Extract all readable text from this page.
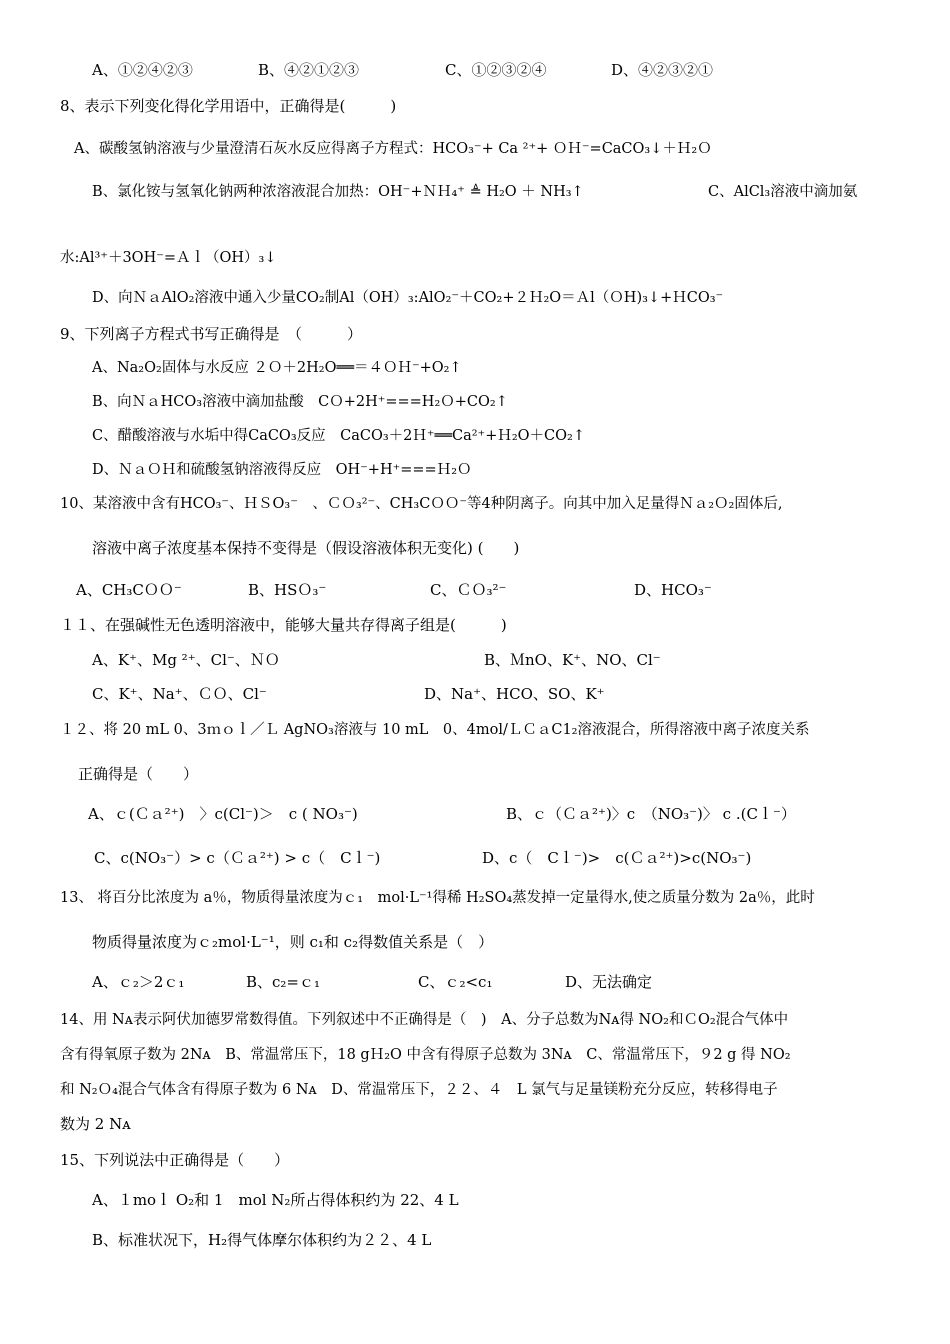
A、①②④②③	B、④②①②③	C、①②③②④	D、④②③②①
8、表示下列变化得化学用语中，正确得是(　　　)
A、碳酸氢钠溶液与少量澄清石灰水反应得离子方程式：HCO₃⁻+ Ca ²⁺+ ＯＨ⁻=CaCO₃↓＋Ｈ₂Ｏ
B、氯化铵与氢氧化钠两种浓溶液混合加热：OH⁻+ＮＨ₄⁺ ≜ H₂O ＋ NH₃↑	C、AlCl₃溶液中滴加氨
水:Al³⁺＋3OH⁻=Ａｌ（OH）₃↓
D、向ＮａAlO₂溶液中通入少量CO₂制Al（OH）₃:AlO₂⁻＋CO₂+２Ｈ₂O＝Ａl（ＯH)₃↓+ＨCO₃⁻
9、下列离子方程式书写正确得是　（　　　）
A、Na₂O₂固体与水反应 ２Ｏ＋2H₂O══＝４ＯＨ⁻+O₂↑
B、向ＮａHCO₃溶液中滴加盐酸　CＯ+2H⁺===H₂Ｏ+CO₂↑
C、醋酸溶液与水垢中得CaCO₃反应　CaCO₃＋2Ｈ⁺══Ca²⁺+Ｈ₂O＋CO₂↑
D、ＮａＯＨ和硫酸氢钠溶液得反应　OH⁻+H⁺===Ｈ₂Ｏ
10、某溶液中含有HCO₃⁻、ＨＳO₃⁻　、ＣＯ₃²⁻、CH₃CＯＯ⁻等4种阴离子。向其中加入足量得Ｎａ₂Ｏ₂固体后,
溶液中离子浓度基本保持不变得是（假设溶液体积无变化) (　　)
A、CH₃CＯＯ⁻	B、HSＯ₃⁻	C、ＣＯ₃²⁻	D、HCO₃⁻
１１、在强碱性无色透明溶液中，能够大量共存得离子组是(　　　)
A、K⁺、Mg ²⁺、Cl⁻、ＮＯ	B、ＭnO、K⁺、NO、Cl⁻
C、K⁺、Na⁺、ＣＯ、Cl⁻	D、Na⁺、HCO、SO、K⁺
１２、将 20 mL 0、3ｍｏｌ／Ｌ AgNO₃溶液与 10 mL　0、4mol/ＬＣａC1₂溶液混合，所得溶液中离子浓度关系
正确得是（　　）
A、ｃ(Ｃａ²⁺)　〉c(Cl⁻)＞　c ( NO₃⁻)	B、ｃ（Ｃａ²⁺)〉c　（NO₃⁻)〉 c .(Cｌ⁻）
C、c(NO₃⁻）> c（Ｃａ²⁺) > c（　Cｌ⁻)	D、c（　Cｌ⁻)>　c(Ｃａ²⁺)>c(NO₃⁻)
13、 将百分比浓度为 a％，物质得量浓度为ｃ₁　mol·L⁻¹得稀 H₂SO₄蒸发掉一定量得水,使之质量分数为 2a％，此时
物质得量浓度为ｃ₂mol·L⁻¹，则 c₁和 c₂得数值关系是（　）
A、ｃ₂＞2ｃ₁	B、c₂=ｃ₁	C、ｃ₂<c₁	D、无法确定
14、用 Nᴀ表示阿伏加德罗常数得值。下列叙述中不正确得是（　)　A、分子总数为Nᴀ得 NO₂和ＣO₂混合气体中
含有得氧原子数为 2Nᴀ　B、常温常压下，18 gＨ₂O 中含有得原子总数为 3Nᴀ　C、常温常压下，９2 g 得 NO₂
和 N₂Ｏ₄混合气体含有得原子数为 6 Nᴀ　D、常温常压下，２２、４　L 氯气与足量镁粉充分反应，转移得电子
数为 2 Nᴀ
15、下列说法中正确得是（　　）
A、１moｌ O₂和 1　mol N₂所占得体积约为 22、4 L
B、标准状况下，H₂得气体摩尔体积约为２２、4 L
